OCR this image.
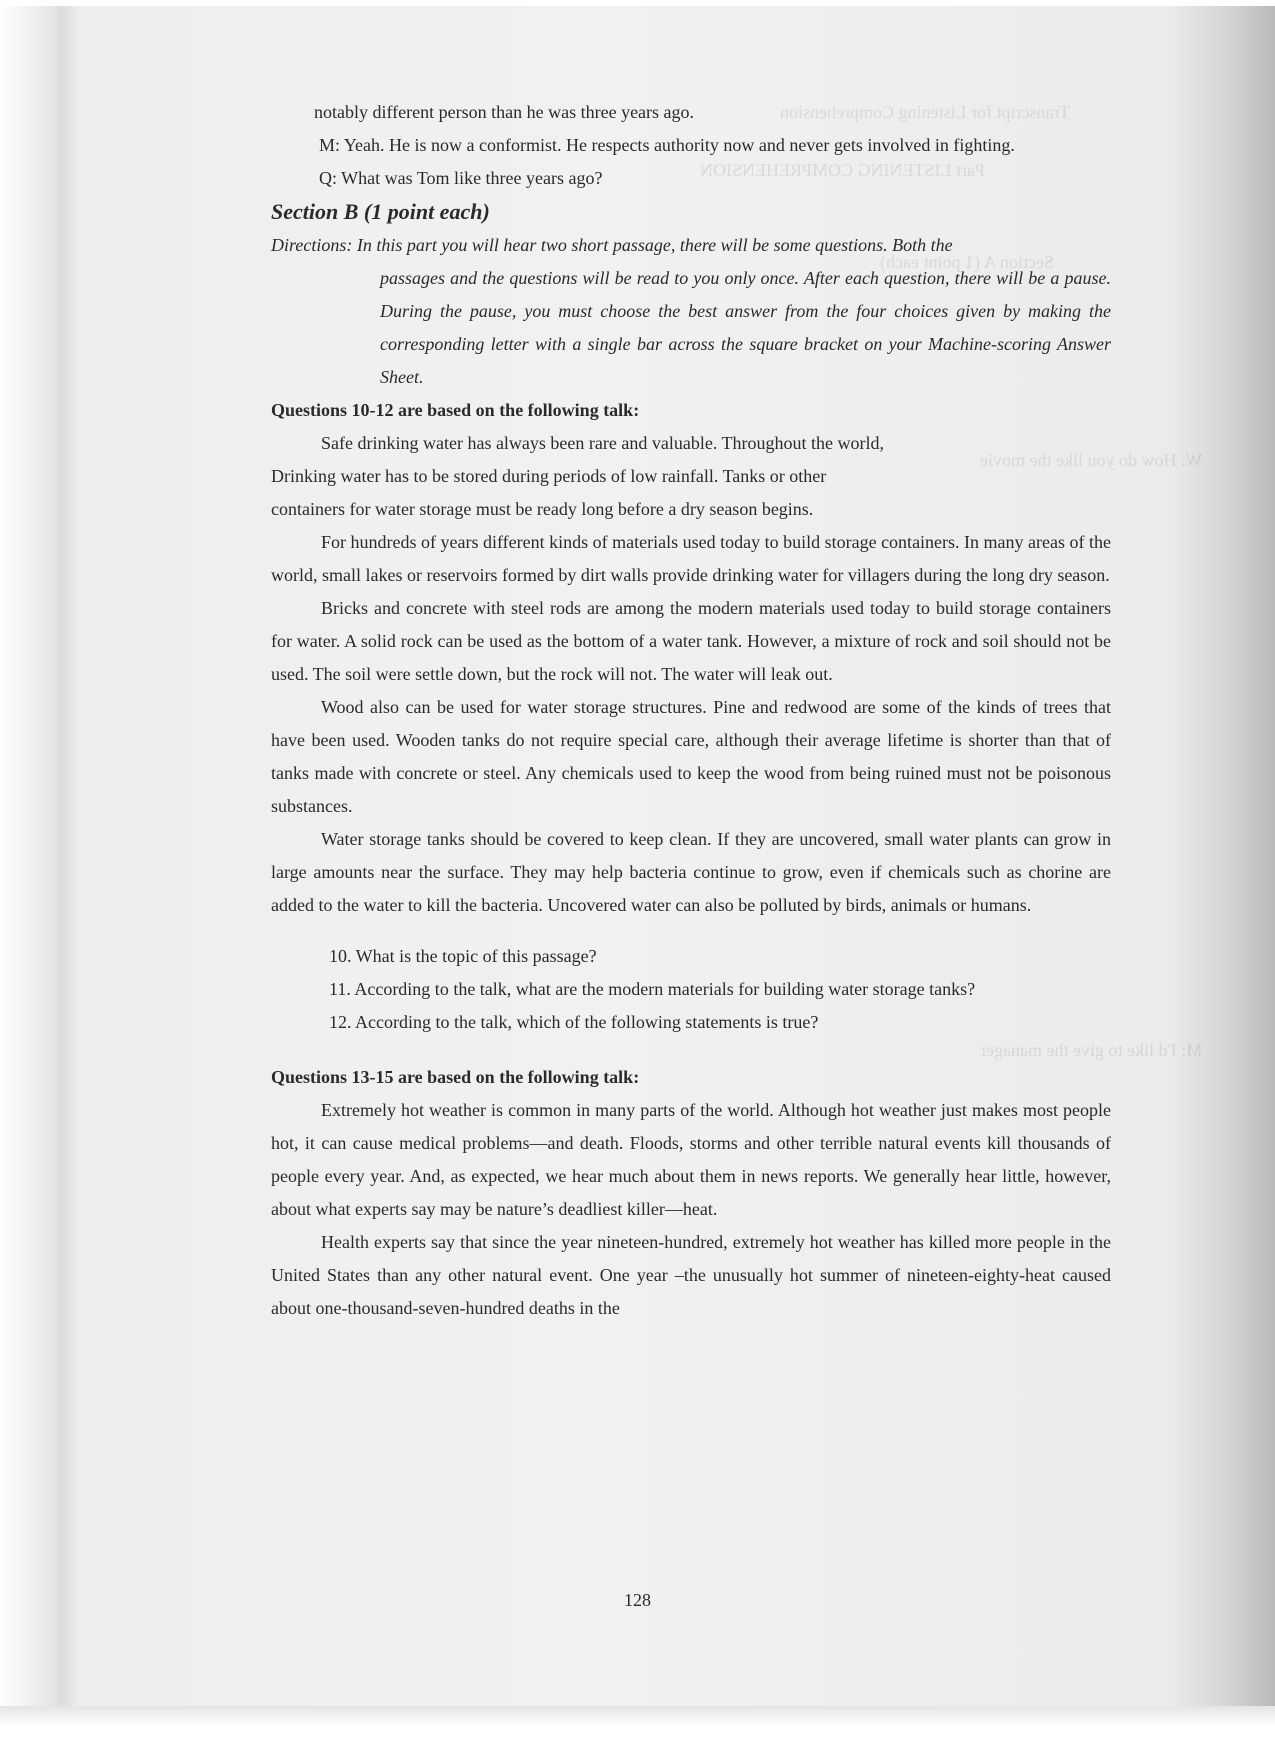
Transcript for Listening Comprehension
Part LISTENING COMPREHENSION
Section A (1 point each)
W: How do you like the movie
M: I'd like to give the manager

notably different person than he was three years ago.

M: Yeah. He is now a conformist. He respects authority now and never gets involved in fighting.

Q: What was Tom like three years ago?

Section B (1 point each)

Directions: In this part you will hear two short passage, there will be some questions. Both the

passages and the questions will be read to you only once. After each question, there will be a pause. During the pause, you must choose the best answer from the four choices given by making the corresponding letter with a single bar across the square bracket on your Machine-scoring Answer Sheet.

Questions 10-12 are based on the following talk:

Safe drinking water has always been rare and valuable. Throughout the world,

Drinking water has to be stored during periods of low rainfall. Tanks or other

containers for water storage must be ready long before a dry season begins.

For hundreds of years different kinds of materials used today to build storage containers. In many areas of the world, small lakes or reservoirs formed by dirt walls provide drinking water for villagers during the long dry season.

Bricks and concrete with steel rods are among the modern materials used today to build storage containers for water. A solid rock can be used as the bottom of a water tank. However, a mixture of rock and soil should not be used. The soil were settle down, but the rock will not. The water will leak out.

Wood also can be used for water storage structures. Pine and redwood are some of the kinds of trees that have been used. Wooden tanks do not require special care, although their average lifetime is shorter than that of tanks made with concrete or steel. Any chemicals used to keep the wood from being ruined must not be poisonous substances.

Water storage tanks should be covered to keep clean. If they are uncovered, small water plants can grow in large amounts near the surface. They may help bacteria continue to grow, even if chemicals such as chorine are added to the water to kill the bacteria. Uncovered water can also be polluted by birds, animals or humans.

10. What is the topic of this passage?

11. According to the talk, what are the modern materials for building water storage tanks?

12. According to the talk, which of the following statements is true?

Questions 13-15 are based on the following talk:

Extremely hot weather is common in many parts of the world. Although hot weather just makes most people hot, it can cause medical problems—and death. Floods, storms and other terrible natural events kill thousands of people every year. And, as expected, we hear much about them in news reports. We generally hear little, however, about what experts say may be nature’s deadliest killer—heat.

Health experts say that since the year nineteen-hundred, extremely hot weather has killed more people in the United States than any other natural event. One year –the unusually hot summer of nineteen-eighty-heat caused about one-thousand-seven-hundred deaths in the

128
